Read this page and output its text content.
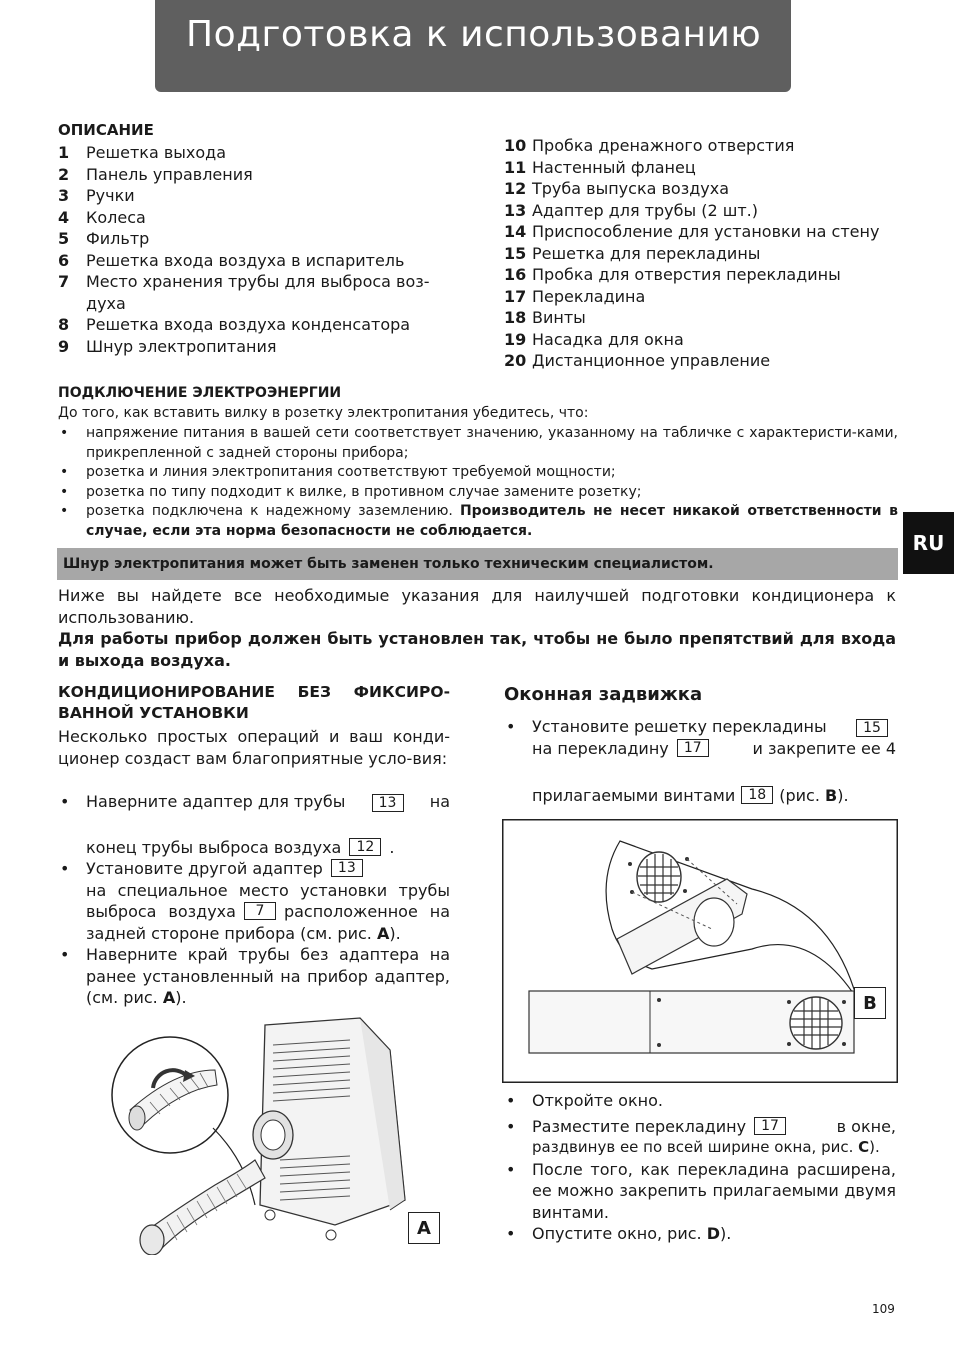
Подготовка к использованию
RU
ОПИСАНИЕ
1	Решетка выхода
2	Панель управления
3	Ручки
4	Колеса
5	Фильтр
6	Решетка входа воздуха в испаритель
7	Место хранения трубы для выброса воз-духа
8	Решетка входа воздуха конденсатора
9	Шнур электропитания
10 Пробка дренажного отверстия
11 Настенный фланец
12 Труба выпуска воздуха
13 Адаптер для трубы (2 шт.)
14 Приспособление для установки на стену
15 Решетка для перекладины
16 Пробка для отверстия перекладины
17 Перекладина
18 Винты
19 Насадка для окна
20 Дистанционное управление
ПОДКЛЮЧЕНИЕ ЭЛЕКТРОЭНЕРГИИ

До того, как вставить вилку в розетку электропитания убедитесь, что:

• напряжение питания в вашей сети соответствует значению, указанному на табличке с характеристи-ками, прикрепленной с задней стороны прибора;
• розетка и линия электропитания соответствуют требуемой мощности;
• розетка по типу подходит к вилке, в противном случае замените розетку;
• розетка подключена к надежному заземлению. Производитель не несет никакой ответственности в случае, если эта норма безопасности не соблюдается.
Шнур электропитания может быть заменен только техническим специалистом.

Ниже вы найдете все необходимые указания для наилучшей подготовки кондиционера к использованию.
Для работы прибор должен быть установлен так, чтобы не было препятствий для входа и выхода воздуха.

КОНДИЦИОНИРОВАНИЕ БЕЗ ФИКСИРО-ВАННОЙ УСТАНОВКИ

Несколько простых операций и ваш конди-ционер создаст вам благоприятные усло-вия:

• Наверните адаптер для трубы	13	на
конец трубы выброса воздуха 12 .
• Установите другой адаптер 13
на специальное место установки трубы выброса воздуха 7 расположенное на задней стороне прибора (см. рис. A).
• Наверните край трубы без адаптера на ранее установленный на прибор адаптер, (см. рис. A).
A
Оконная задвижка
• Установите решетку перекладины	15
на перекладину 17	и закрепите ее 4
прилагаемыми винтами 18 (рис. B).
B
• Откройте окно.
• Разместите перекладину 17	в окне,
раздвинув ее по всей ширине окна, рис. C).
• После того, как перекладина расширена, ее можно закрепить прилагаемыми двумя винтами.
• Опустите окно, рис. D).
109
